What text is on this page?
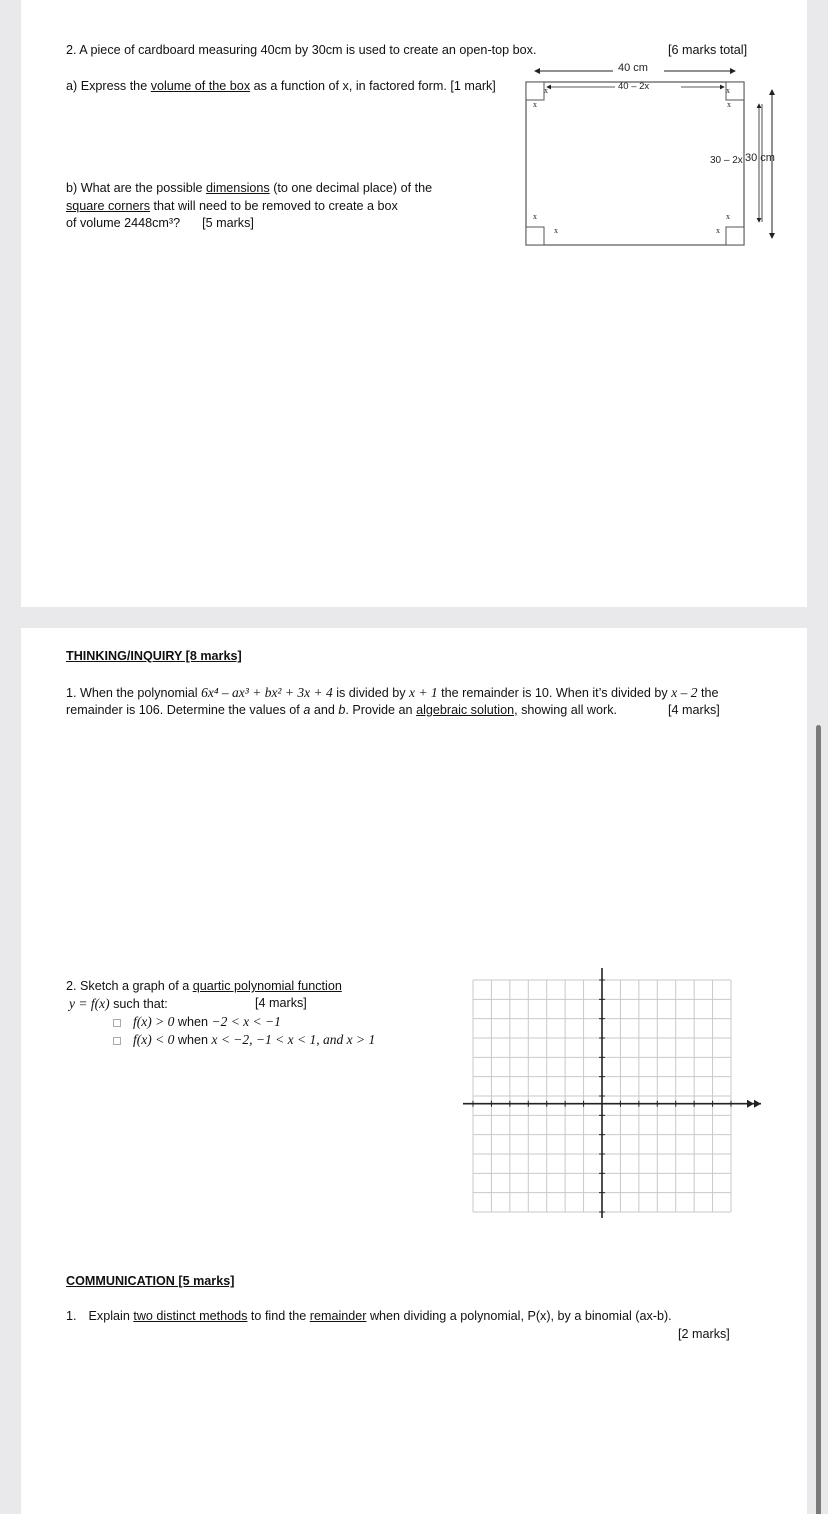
2. A piece of cardboard measuring 40cm by 30cm is used to create an open-top box.	[6 marks total]
a) Express the volume of the box as a function of x, in factored form. [1 mark]
b) What are the possible dimensions (to one decimal place) of the
square corners that will need to be removed to create a box
of volume 2448cm³? [5 marks]
40 cm
40 – 2x
30 cm
30 – 2x
x
x	x
x
x
x
x
x
THINKING/INQUIRY [8 marks]
1. When the polynomial 6x⁴ – ax³ + bx² + 3x + 4 is divided by x + 1 the remainder is 10. When it’s divided by x – 2 the
remainder is 106. Determine the values of a and b. Provide an algebraic solution, showing all work.	[4 marks]
2. Sketch a graph of a quartic polynomial function
y = f(x) such that:	[4 marks]
f(x) > 0 when −2 < x < −1
f(x) < 0 when x < −2, −1 < x < 1, and x > 1
COMMUNICATION [5 marks]
1. Explain two distinct methods to find the remainder when dividing a polynomial, P(x), by a binomial (ax-b).
[2 marks]
